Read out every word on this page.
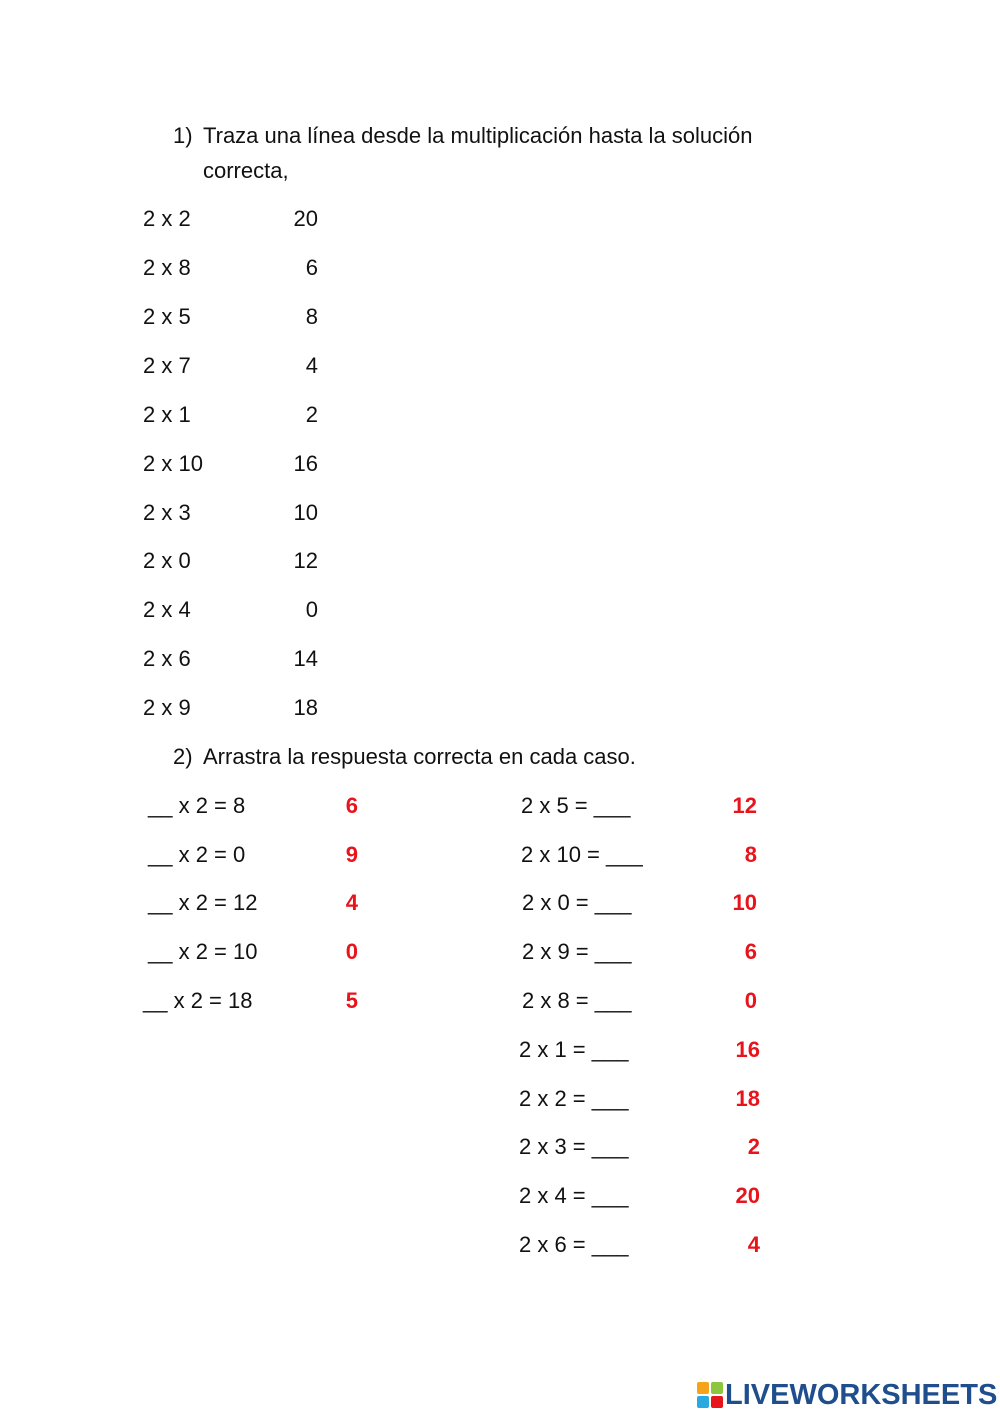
1) Traza una línea desde la multiplicación hasta la solución
correcta,
2 x 2
2 x 8
2 x 5
2 x 7
2 x 1
2 x 10
2 x 3
2 x 0
2 x 4
2 x 6
2 x 9
20
6
8
4
2
16
10
12
0
14
18
2) Arrastra la respuesta correcta en cada caso.
__ x 2 = 8
__ x 2 = 0
__ x 2 = 12
__ x 2 = 10
__ x 2 = 18
6
9
4
0
5
2 x 5 = ___
2 x 10 = ___
2 x 0 = ___
2 x 9 = ___
2 x 8 = ___
2 x 1 = ___
2 x 2 = ___
2 x 3 = ___
2 x 4 = ___
2 x 6 = ___
12
8
10
6
0
16
18
2
20
4
LIVEWORKSHEETS
